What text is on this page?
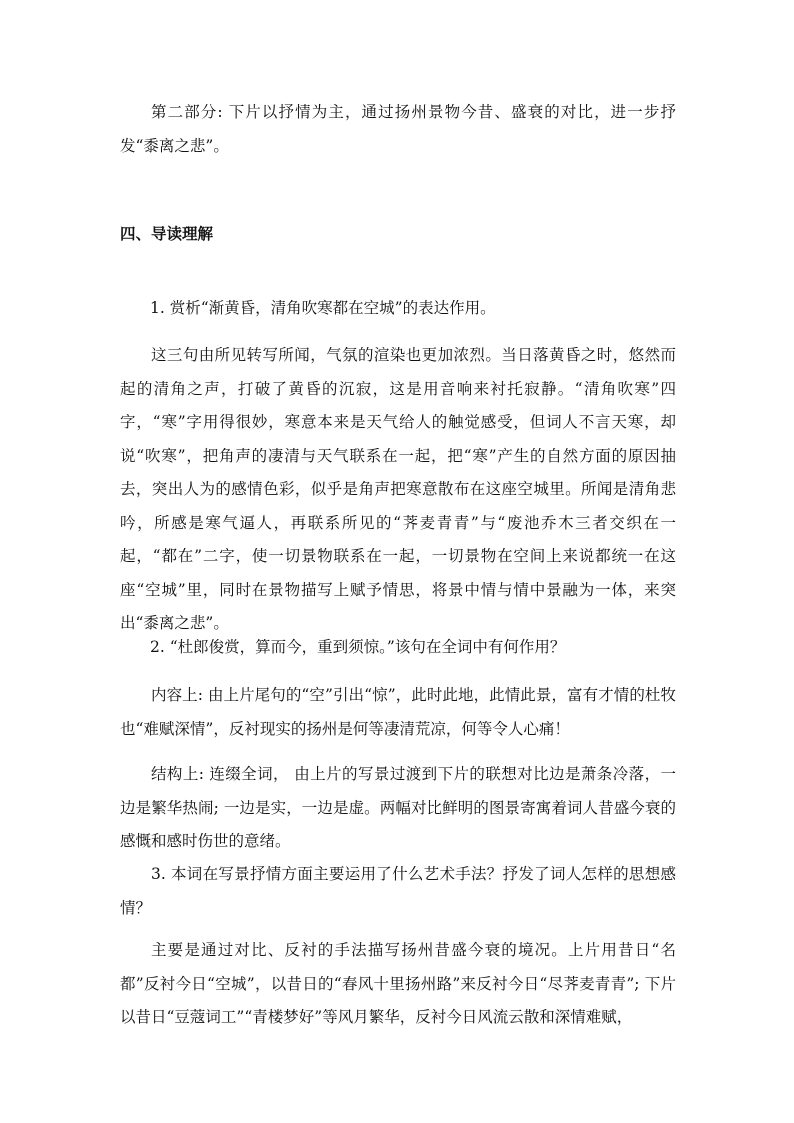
第二部分: 下片以抒情为主，通过扬州景物今昔、盛衰的对比，进一步抒发“黍离之悲”。

四、导读理解

1. 赏析“渐黄昏，清角吹寒都在空城”的表达作用。

这三句由所见转写所闻，气氛的渲染也更加浓烈。当日落黄昏之时，悠然而起的清角之声，打破了黄昏的沉寂，这是用音响来衬托寂静。“清角吹寒”四字，“寒”字用得很妙，寒意本来是天气给人的触觉感受，但词人不言天寒，却说“吹寒”，把角声的凄清与天气联系在一起，把“寒”产生的自然方面的原因抽去，突出人为的感情色彩，似乎是角声把寒意散布在这座空城里。所闻是清角悲吟，所感是寒气逼人，再联系所见的“荠麦青青”与“废池乔木三者交织在一起，“都在”二字，使一切景物联系在一起，一切景物在空间上来说都统一在这座“空城”里，同时在景物描写上赋予情思，将景中情与情中景融为一体，来突出“黍离之悲”。

2. “杜郎俊赏，算而今，重到须惊。”该句在全词中有何作用？

内容上: 由上片尾句的“空”引出“惊”，此时此地，此情此景，富有才情的杜牧也“难赋深情”，反衬现实的扬州是何等凄清荒凉，何等令人心痛！

结构上: 连缀全词， 由上片的写景过渡到下片的联想对比边是萧条冷落，一边是繁华热闹; 一边是实，一边是虚。两幅对比鲜明的图景寄寓着词人昔盛今衰的感慨和感时伤世的意绪。

3. 本词在写景抒情方面主要运用了什么艺术手法？抒发了词人怎样的思想感情？

主要是通过对比、反衬的手法描写扬州昔盛今衰的境况。上片用昔日“名都”反衬今日“空城”，以昔日的“春风十里扬州路”来反衬今日“尽荠麦青青”; 下片以昔日“豆蔻词工”“青楼梦好”等风月繁华，反衬今日风流云散和深情难赋，
